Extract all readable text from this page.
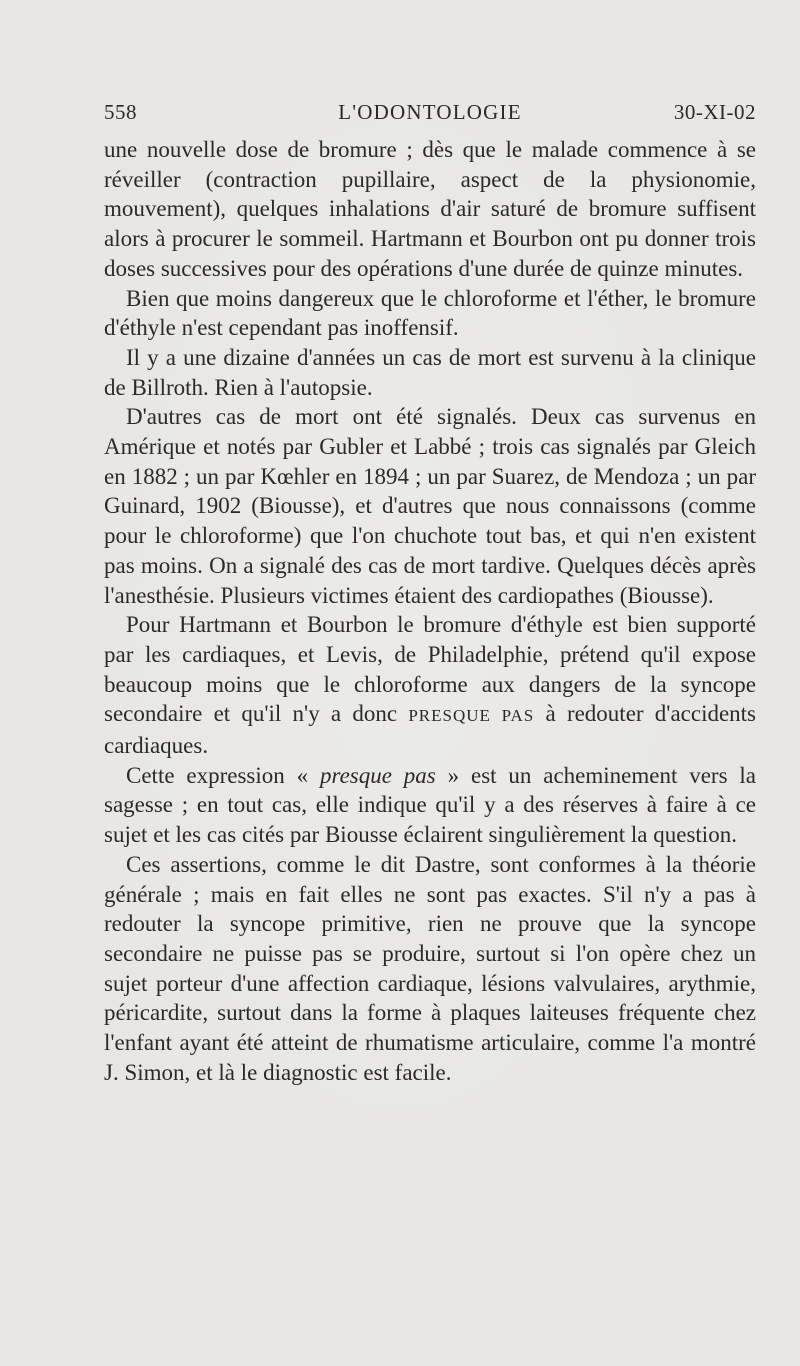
558	L'ODONTOLOGIE	30-XI-02

une nouvelle dose de bromure ; dès que le malade commence à se réveiller (contraction pupillaire, aspect de la physionomie, mouvement), quelques inhalations d'air saturé de bromure suffisent alors à procurer le sommeil. Hartmann et Bourbon ont pu donner trois doses successives pour des opérations d'une durée de quinze minutes.

Bien que moins dangereux que le chloroforme et l'éther, le bromure d'éthyle n'est cependant pas inoffensif.

Il y a une dizaine d'années un cas de mort est survenu à la clinique de Billroth. Rien à l'autopsie.

D'autres cas de mort ont été signalés. Deux cas survenus en Amérique et notés par Gubler et Labbé ; trois cas signalés par Gleich en 1882 ; un par Kœhler en 1894 ; un par Suarez, de Mendoza ; un par Guinard, 1902 (Biousse), et d'autres que nous connaissons (comme pour le chloroforme) que l'on chuchote tout bas, et qui n'en existent pas moins. On a signalé des cas de mort tardive. Quelques décès après l'anesthésie. Plusieurs victimes étaient des cardiopathes (Biousse).

Pour Hartmann et Bourbon le bromure d'éthyle est bien supporté par les cardiaques, et Levis, de Philadelphie, prétend qu'il expose beaucoup moins que le chloroforme aux dangers de la syncope secondaire et qu'il n'y a donc PRESQUE PAS à redouter d'accidents cardiaques.

Cette expression « presque pas » est un acheminement vers la sagesse ; en tout cas, elle indique qu'il y a des réserves à faire à ce sujet et les cas cités par Biousse éclairent singulièrement la question.

Ces assertions, comme le dit Dastre, sont conformes à la théorie générale ; mais en fait elles ne sont pas exactes. S'il n'y a pas à redouter la syncope primitive, rien ne prouve que la syncope secondaire ne puisse pas se produire, surtout si l'on opère chez un sujet porteur d'une affection cardiaque, lésions valvulaires, arythmie, péricardite, surtout dans la forme à plaques laiteuses fréquente chez l'enfant ayant été atteint de rhumatisme articulaire, comme l'a montré J. Simon, et là le diagnostic est facile.
